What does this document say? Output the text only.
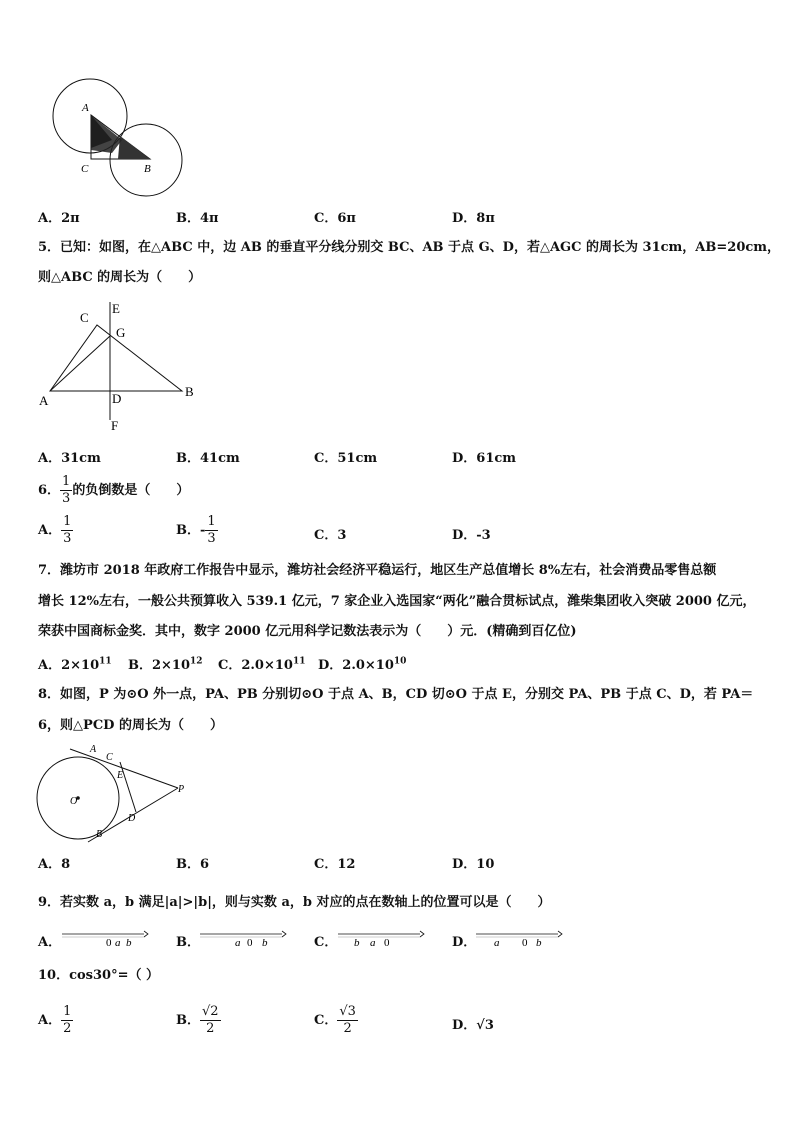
A
C	B
A．2π	B．4π	C．6π	D．8π
5．已知：如图，在△ABC 中，边 AB 的垂直平分线分别交 BC、AB 于点 G、D，若△AGC 的周长为 31cm，AB=20cm，
则△ABC 的周长为（　　）
C
E
G
A	D	B
F
A．31cm	B．41cm	C．51cm	D．61cm
6． $\frac{1}{3}$ 的负倒数是（　　）
A． $\frac{1}{3}$	B．- $\frac{1}{3}$	C．3	D．-3
7．潍坊市 2018 年政府工作报告中显示，潍坊社会经济平稳运行，地区生产总值增长 8%左右，社会消费品零售总额
增长 12%左右，一般公共预算收入 539.1 亿元，7 家企业入选国家“两化”融合贯标试点，潍柴集团收入突破 2000 亿元，
荣获中国商标金奖．其中，数字 2000 亿元用科学记数法表示为（　　）元．(精确到百亿位)
A．$2\times 10^{11}$ B．$2\times 10^{12}$ C．$2.0\times 10^{11}$ D．$2.0\times 10^{10}$
8．如图，P 为⊙O 外一点，PA、PB 分别切⊙O 于点 A、B，CD 切⊙O 于点 E，分别交 PA、PB 于点 C、D，若 PA＝
6，则△PCD 的周长为（　　）
A
C
E
O
P
D
B
A．8	B．6	C．12	D．10
9．若实数 a，b 满足|a|>|b|，则与实数 a，b 对应的点在数轴上的位置可以是（　　）
A．	0 a b	B．	a 0 b	C． b a 0	D． a 0 b
10．cos30°=（ ）
A． $\frac{1}{2}$	B． $\frac{√2}{2}$	C． $\frac{√3}{2}$	D．√3
